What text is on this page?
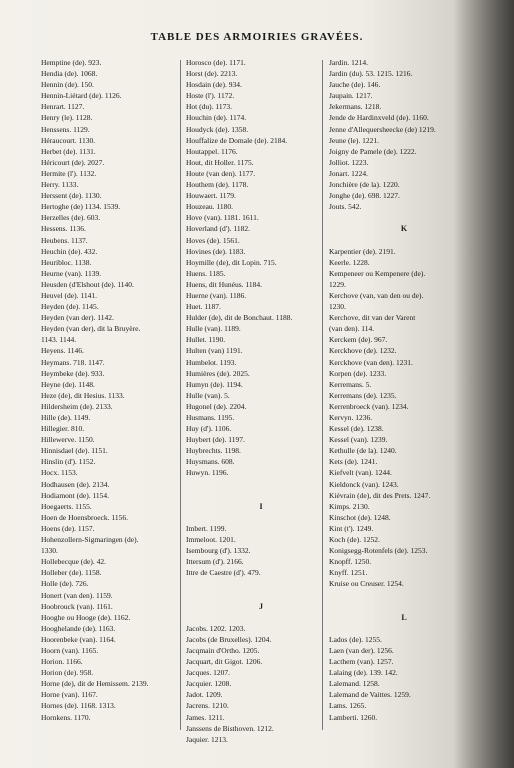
TABLE DES ARMOIRIES GRAVÉES.
Hemptine (de). 923.
Hendia (de). 1068.
Hennin (de). 150.
Hennin-Liétard (de). 1126.
Henrart. 1127.
Henry (le). 1128.
Henssens. 1129.
Héraucourt. 1130.
Herbet (de). 1131.
Héricourt (de). 2027.
Hermite (l'). 1132.
Herry. 1133.
Herssent (de). 1130.
Hertoghe (de) 1134. 1539.
Herzelles (de). 603.
Hessens. 1136.
Heubens. 1137.
Heuchin (de). 432.
Heuribloc. 1138.
Heurne (van). 1139.
Heusden (d'Elshout (de). 1140.
Heuvel (de). 1141.
Heyden (de). 1145.
Heyden (van der). 1142.
Heyden (van der), dit la Bruyère.
1143. 1144.
Heyens. 1146.
Heymans. 718. 1147.
Heymbeke (de). 933.
Heyne (de). 1148.
Heze (de), dit Hesius. 1133.
Hildersheim (de). 2133.
Hille (de). 1149.
Hillegier. 810.
Hillewerve. 1150.
Hinnisdael (de). 1151.
Hinslin (d'). 1152.
Hocx. 1153.
Hodhausen (de). 2134.
Hodiamont (de). 1154.
Hoegaerts. 1155.
Hoen de Hoensbroeck. 1156.
Hoens (de). 1157.
Hohenzollern-Sigmaringen (de).
1330.
Hollebecque (de). 42.
Holleber (de). 1158.
Holle (de). 726.
Honert (van den). 1159.
Hoobrouck (van). 1161.
Hooghe ou Hooge (de). 1162.
Hooghelande (de). 1163.
Hoorenbeke (van). 1164.
Hoorn (van). 1165.
Horion. 1166.
Horion (de). 958.
Horne (de), dit de Hemissem. 2139.
Horne (van). 1167.
Hornes (de). 1168. 1313.
Hornkens. 1170.
Horosco (de). 1171.
Horst (de). 2213.
Hosdain (de). 934.
Hoste (l'). 1172.
Hot (du). 1173.
Houchin (de). 1174.
Houdyck (de). 1358.
Houffalize de Domale (de). 2184.
Houtappel. 1176.
Hout, dit Holler. 1175.
Houte (van den). 1177.
Houthem (de). 1178.
Houwaert. 1179.
Houzeau. 1180.
Hove (van). 1181. 1611.
Hoverland (d'). 1182.
Hoves (de). 1561.
Hovines (de). 1183.
Hoymille (de), dit Lopin. 715.
Huens. 1185.
Huens, dit Hunéus. 1184.
Huerne (van). 1186.
Huet. 1187.
Hulder (de), dit de Bonchaut. 1188.
Hulle (van). 1189.
Hullet. 1190.
Hulten (van) 1191.
Humbelot. 1193.
Humières (de). 2025.
Humyn (de). 1194.
Hulle (van). 5.
Hugonel (de). 2204.
Husmans. 1195.
Huy (d'). 1106.
Huybert (de). 1197.
Huybrechts. 1198.
Huysmans. 608.
Huwyn. 1196.
I
Imbert. 1199.
Immeloot. 1201.
Isembourg (d'). 1332.
Ittersum (d'). 2166.
Ittre de Caestre (d'). 479.
J
Jacobs. 1202. 1203.
Jacobs (de Bruxelles). 1204.
Jacqmain d'Ortho. 1205.
Jacquart, dit Gigot. 1206.
Jacques. 1207.
Jacquier. 1208.
Jadot. 1209.
Jacrens. 1210.
James. 1211.
Janssens de Bisthoven. 1212.
Jaquier. 1213.
Jardin. 1214.
Jardin (du). 53. 1215. 1216.
Jauche (de). 146.
Jaupain. 1217.
Jekermans. 1218.
Jende de Hardinxveld (de). 1160.
Jenne d'Allequersheecke (de) 1219.
Jeune (le). 1221.
Joigny de Pamele (de). 1222.
Jolliot. 1223.
Jonart. 1224.
Jonchière (de la). 1220.
Jonghe (de). 698. 1227.
Jouts. 542.
K
Karpentier (de). 2191.
Keerle. 1228.
Kempeneer ou Kempenere (de).
1229.
Kerchove (van, van den ou de).
1230.
Kerchove, dit van der Varent
(van den). 114.
Kerckem (de). 967.
Kerckhove (de). 1232.
Kerckhove (van den). 1231.
Korpen (de). 1233.
Kerremans. 5.
Kerremans (de). 1235.
Kerrenbroeck (van). 1234.
Kervyn. 1236.
Kessel (de). 1238.
Kessel (van). 1239.
Kethulle (de la). 1240.
Kets (de). 1241.
Kiefvelt (van). 1244.
Kieldonck (van). 1243.
Kiévrain (de), dit des Prets. 1247.
Kimps. 2130.
Kinschot (de). 1248.
Kint (t'). 1249.
Koch (de). 1252.
Konigsegg-Rotenfels (de). 1253.
Knopff. 1250.
Knyff. 1251.
Kruise ou Creuser. 1254.
L
Lados (de). 1255.
Laen (van der). 1256.
Lacthem (van). 1257.
Lalaing (de). 139. 142.
Lalemand. 1258.
Lalemand de Vaittes. 1259.
Lams. 1265.
Lamberti. 1260.
